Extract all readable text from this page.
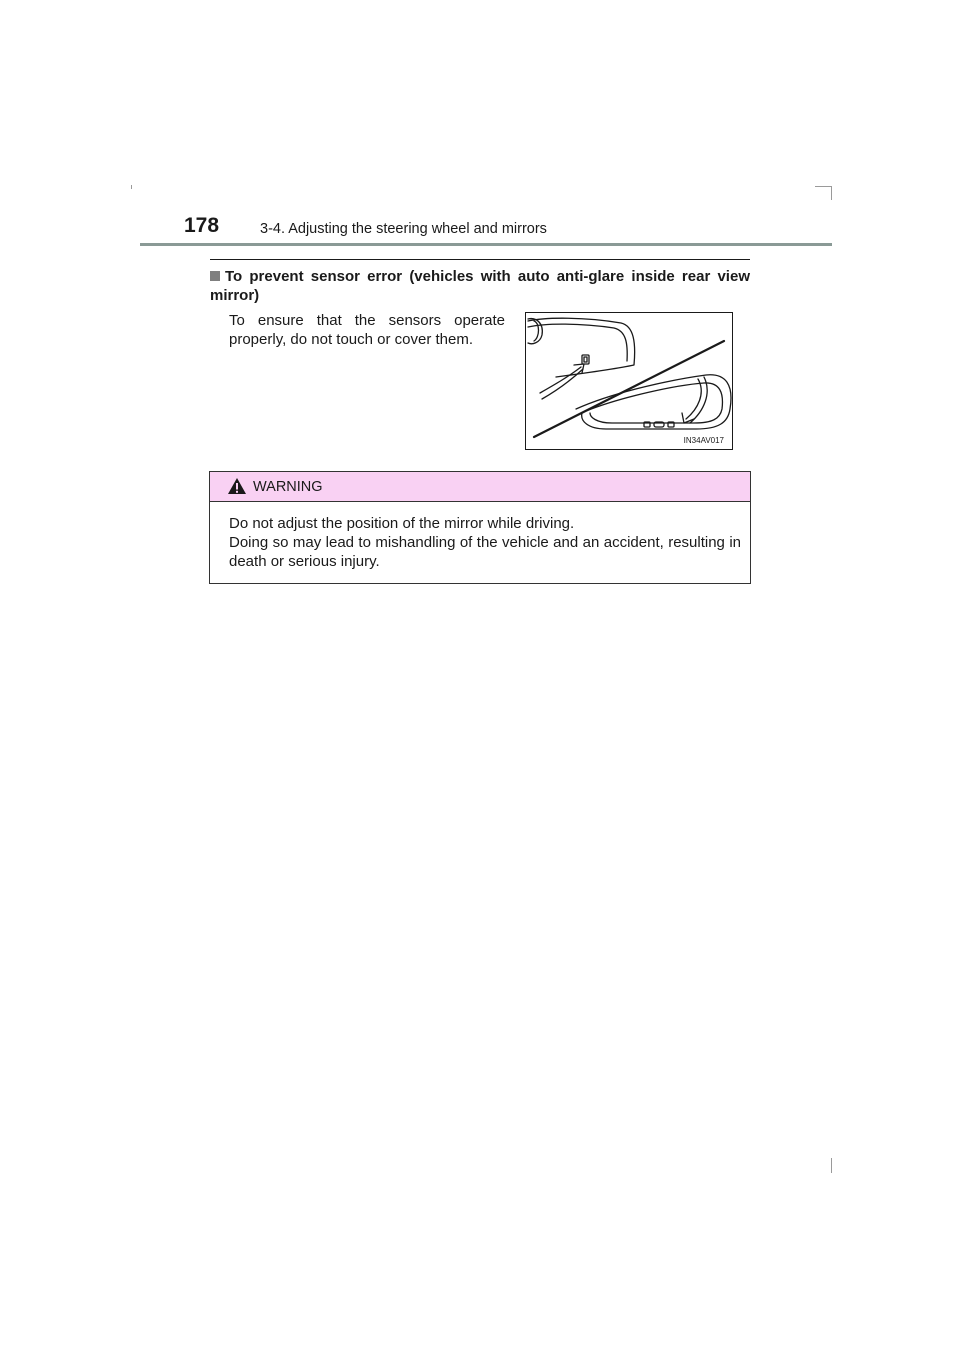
178	3-4. Adjusting the steering wheel and mirrors
To prevent sensor error (vehicles with auto anti-glare inside rear view mirror)
To ensure that the sensors operate properly, do not touch or cover them.
IN34AV017
WARNING

Do not adjust the position of the mirror while driving.

Doing so may lead to mishandling of the vehicle and an accident, resulting in death or serious injury.
